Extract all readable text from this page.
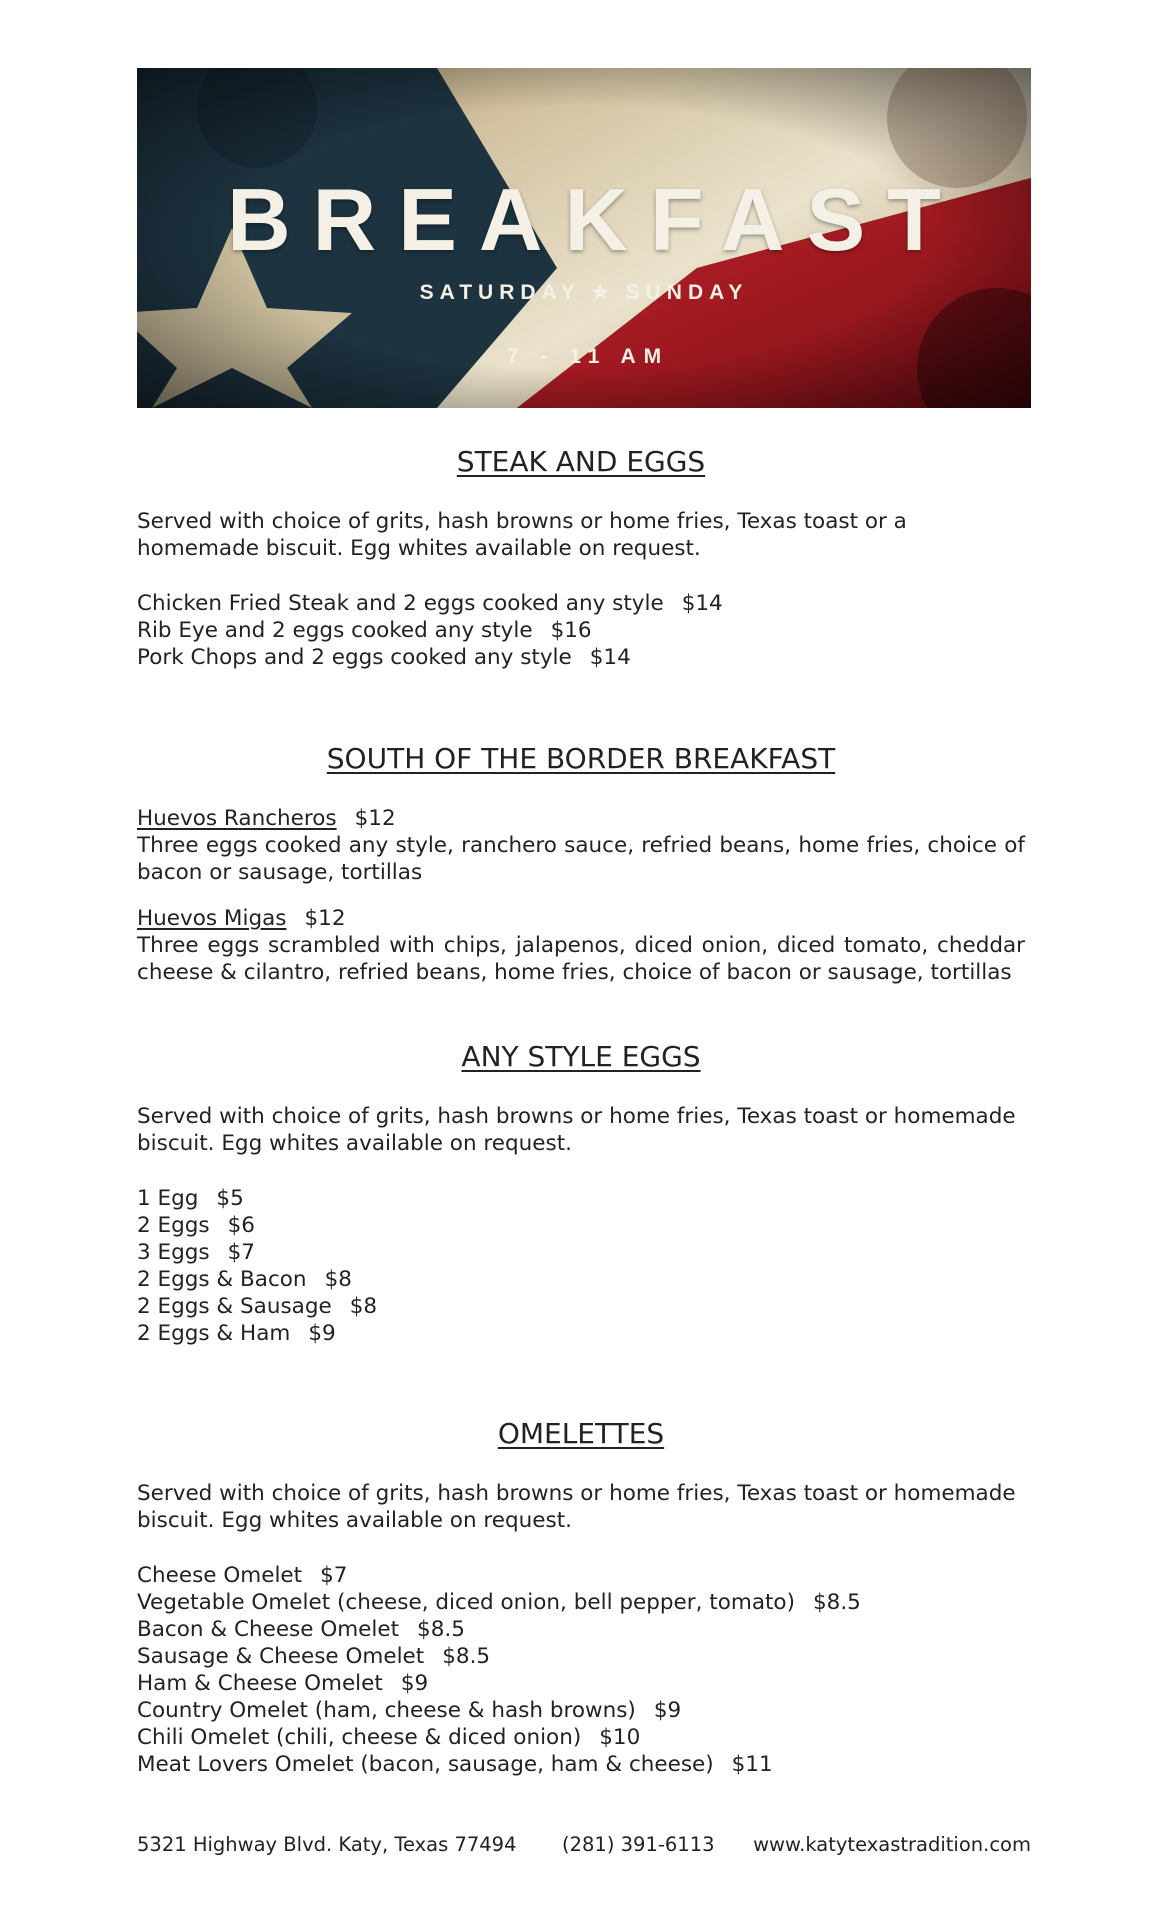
BREAKFAST
SATURDAY ★ SUNDAY
7 - 11 AM
STEAK AND EGGS

Served with choice of grits, hash browns or home fries, Texas toast or a homemade biscuit. Egg whites available on request.

Chicken Fried Steak and 2 eggs cooked any style $14
Rib Eye and 2 eggs cooked any style $16
Pork Chops and 2 eggs cooked any style $14
SOUTH OF THE BORDER BREAKFAST
Huevos Rancheros $12
Three eggs cooked any style, ranchero sauce, refried beans, home fries, choice of bacon or sausage, tortillas
Huevos Migas $12
Three eggs scrambled with chips, jalapenos, diced onion, diced tomato, cheddar cheese & cilantro, refried beans, home fries, choice of bacon or sausage, tortillas
ANY STYLE EGGS

Served with choice of grits, hash browns or home fries, Texas toast or homemade biscuit. Egg whites available on request.

1 Egg $5
2 Eggs $6
3 Eggs $7
2 Eggs & Bacon $8
2 Eggs & Sausage $8
2 Eggs & Ham $9
OMELETTES

Served with choice of grits, hash browns or home fries, Texas toast or homemade biscuit. Egg whites available on request.

Cheese Omelet $7
Vegetable Omelet (cheese, diced onion, bell pepper, tomato) $8.5
Bacon & Cheese Omelet $8.5
Sausage & Cheese Omelet $8.5
Ham & Cheese Omelet $9
Country Omelet (ham, cheese & hash browns) $9
Chili Omelet (chili, cheese & diced onion) $10
Meat Lovers Omelet (bacon, sausage, ham & cheese) $11
5321 Highway Blvd. Katy, Texas 77494 (281) 391-6113 www.katytexastradition.com
